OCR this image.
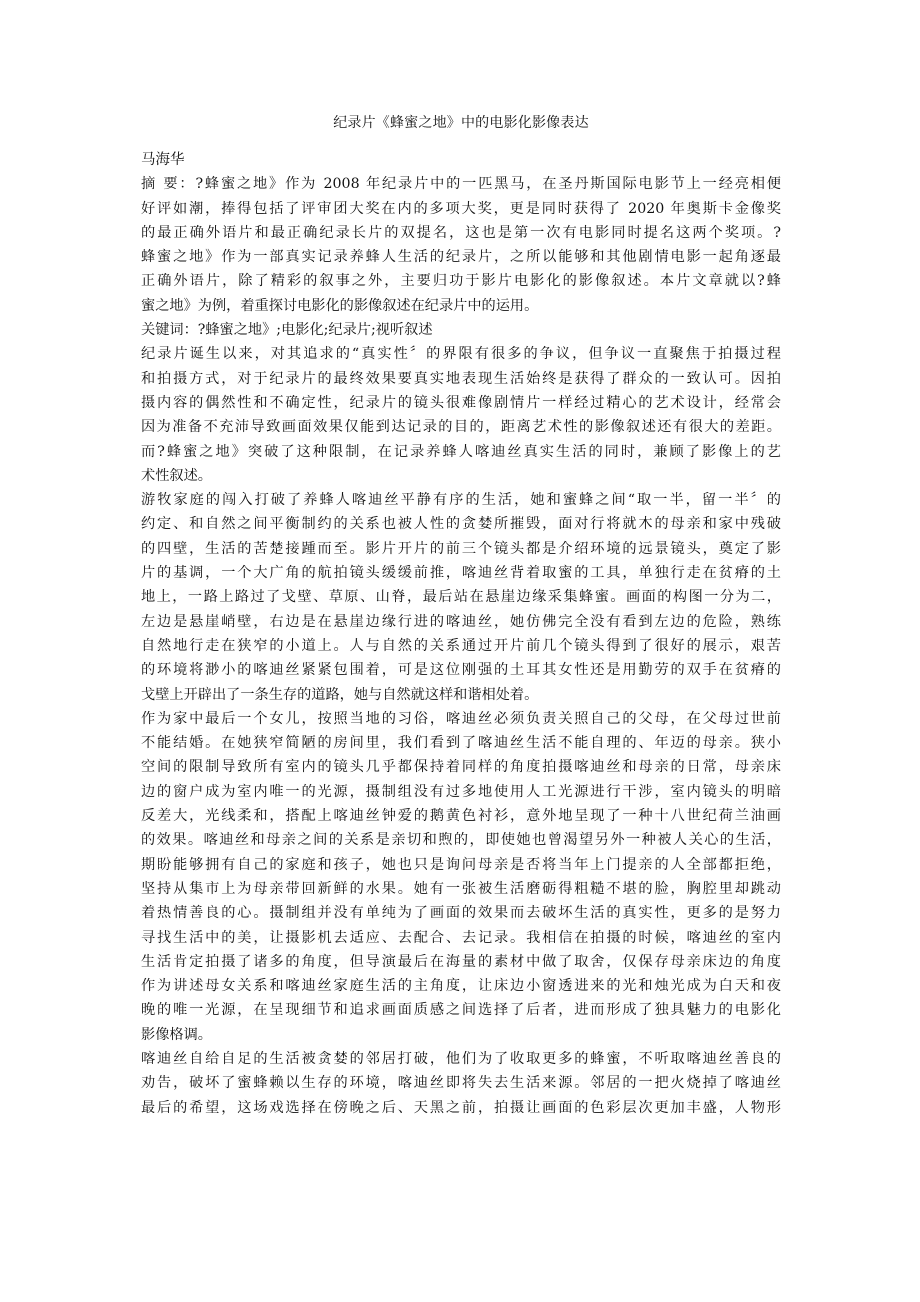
纪录片《蜂蜜之地》中的电影化影像表达

马海华

摘 要：?蜂蜜之地》作为 2008 年纪录片中的一匹黑马，在圣丹斯国际电影节上一经亮相便

好评如潮，捧得包括了评审团大奖在内的多项大奖，更是同时获得了 2020 年奥斯卡金像奖

的最正确外语片和最正确纪录长片的双提名，这也是第一次有电影同时提名这两个奖项。?

蜂蜜之地》作为一部真实记录养蜂人生活的纪录片，之所以能够和其他剧情电影一起角逐最

正确外语片，除了精彩的叙事之外，主要归功于影片电影化的影像叙述。本片文章就以?蜂

蜜之地》为例，着重探讨电影化的影像叙述在纪录片中的运用。

关键词：?蜂蜜之地》;电影化;纪录片;视听叙述

纪录片诞生以来，对其追求的“真实性〞的界限有很多的争议，但争议一直聚焦于拍摄过程

和拍摄方式，对于纪录片的最终效果要真实地表现生活始终是获得了群众的一致认可。因拍

摄内容的偶然性和不确定性，纪录片的镜头很难像剧情片一样经过精心的艺术设计，经常会

因为准备不充沛导致画面效果仅能到达记录的目的，距离艺术性的影像叙述还有很大的差距。

而?蜂蜜之地》突破了这种限制，在记录养蜂人喀迪丝真实生活的同时，兼顾了影像上的艺

术性叙述。

游牧家庭的闯入打破了养蜂人喀迪丝平静有序的生活，她和蜜蜂之间“取一半，留一半〞的

约定、和自然之间平衡制约的关系也被人性的贪婪所摧毁，面对行将就木的母亲和家中残破

的四壁，生活的苦楚接踵而至。影片开片的前三个镜头都是介绍环境的远景镜头，奠定了影

片的基调，一个大广角的航拍镜头缓缓前推，喀迪丝背着取蜜的工具，单独行走在贫瘠的土

地上，一路上路过了戈壁、草原、山脊，最后站在悬崖边缘采集蜂蜜。画面的构图一分为二，

左边是悬崖峭壁，右边是在悬崖边缘行进的喀迪丝，她仿佛完全没有看到左边的危险，熟练

自然地行走在狭窄的小道上。人与自然的关系通过开片前几个镜头得到了很好的展示，艰苦

的环境将渺小的喀迪丝紧紧包围着，可是这位刚强的土耳其女性还是用勤劳的双手在贫瘠的

戈壁上开辟出了一条生存的道路，她与自然就这样和谐相处着。

作为家中最后一个女儿，按照当地的习俗，喀迪丝必须负责关照自己的父母，在父母过世前

不能结婚。在她狭窄简陋的房间里，我们看到了喀迪丝生活不能自理的、年迈的母亲。狭小

空间的限制导致所有室内的镜头几乎都保持着同样的角度拍摄喀迪丝和母亲的日常，母亲床

边的窗户成为室内唯一的光源，摄制组没有过多地使用人工光源进行干涉，室内镜头的明暗

反差大，光线柔和，搭配上喀迪丝钟爱的鹅黄色衬衫，意外地呈现了一种十八世纪荷兰油画

的效果。喀迪丝和母亲之间的关系是亲切和煦的，即使她也曾渴望另外一种被人关心的生活，

期盼能够拥有自己的家庭和孩子，她也只是询问母亲是否将当年上门提亲的人全部都拒绝，

坚持从集市上为母亲带回新鲜的水果。她有一张被生活磨砺得粗糙不堪的脸，胸腔里却跳动

着热情善良的心。摄制组并没有单纯为了画面的效果而去破坏生活的真实性，更多的是努力

寻找生活中的美，让摄影机去适应、去配合、去记录。我相信在拍摄的时候，喀迪丝的室内

生活肯定拍摄了诸多的角度，但导演最后在海量的素材中做了取舍，仅保存母亲床边的角度

作为讲述母女关系和喀迪丝家庭生活的主角度，让床边小窗透进来的光和烛光成为白天和夜

晚的唯一光源，在呈现细节和追求画面质感之间选择了后者，进而形成了独具魅力的电影化

影像格调。

喀迪丝自给自足的生活被贪婪的邻居打破，他们为了收取更多的蜂蜜，不听取喀迪丝善良的

劝告，破坏了蜜蜂赖以生存的环境，喀迪丝即将失去生活来源。邻居的一把火烧掉了喀迪丝

最后的希望，这场戏选择在傍晚之后、天黑之前，拍摄让画面的色彩层次更加丰盛，人物形
